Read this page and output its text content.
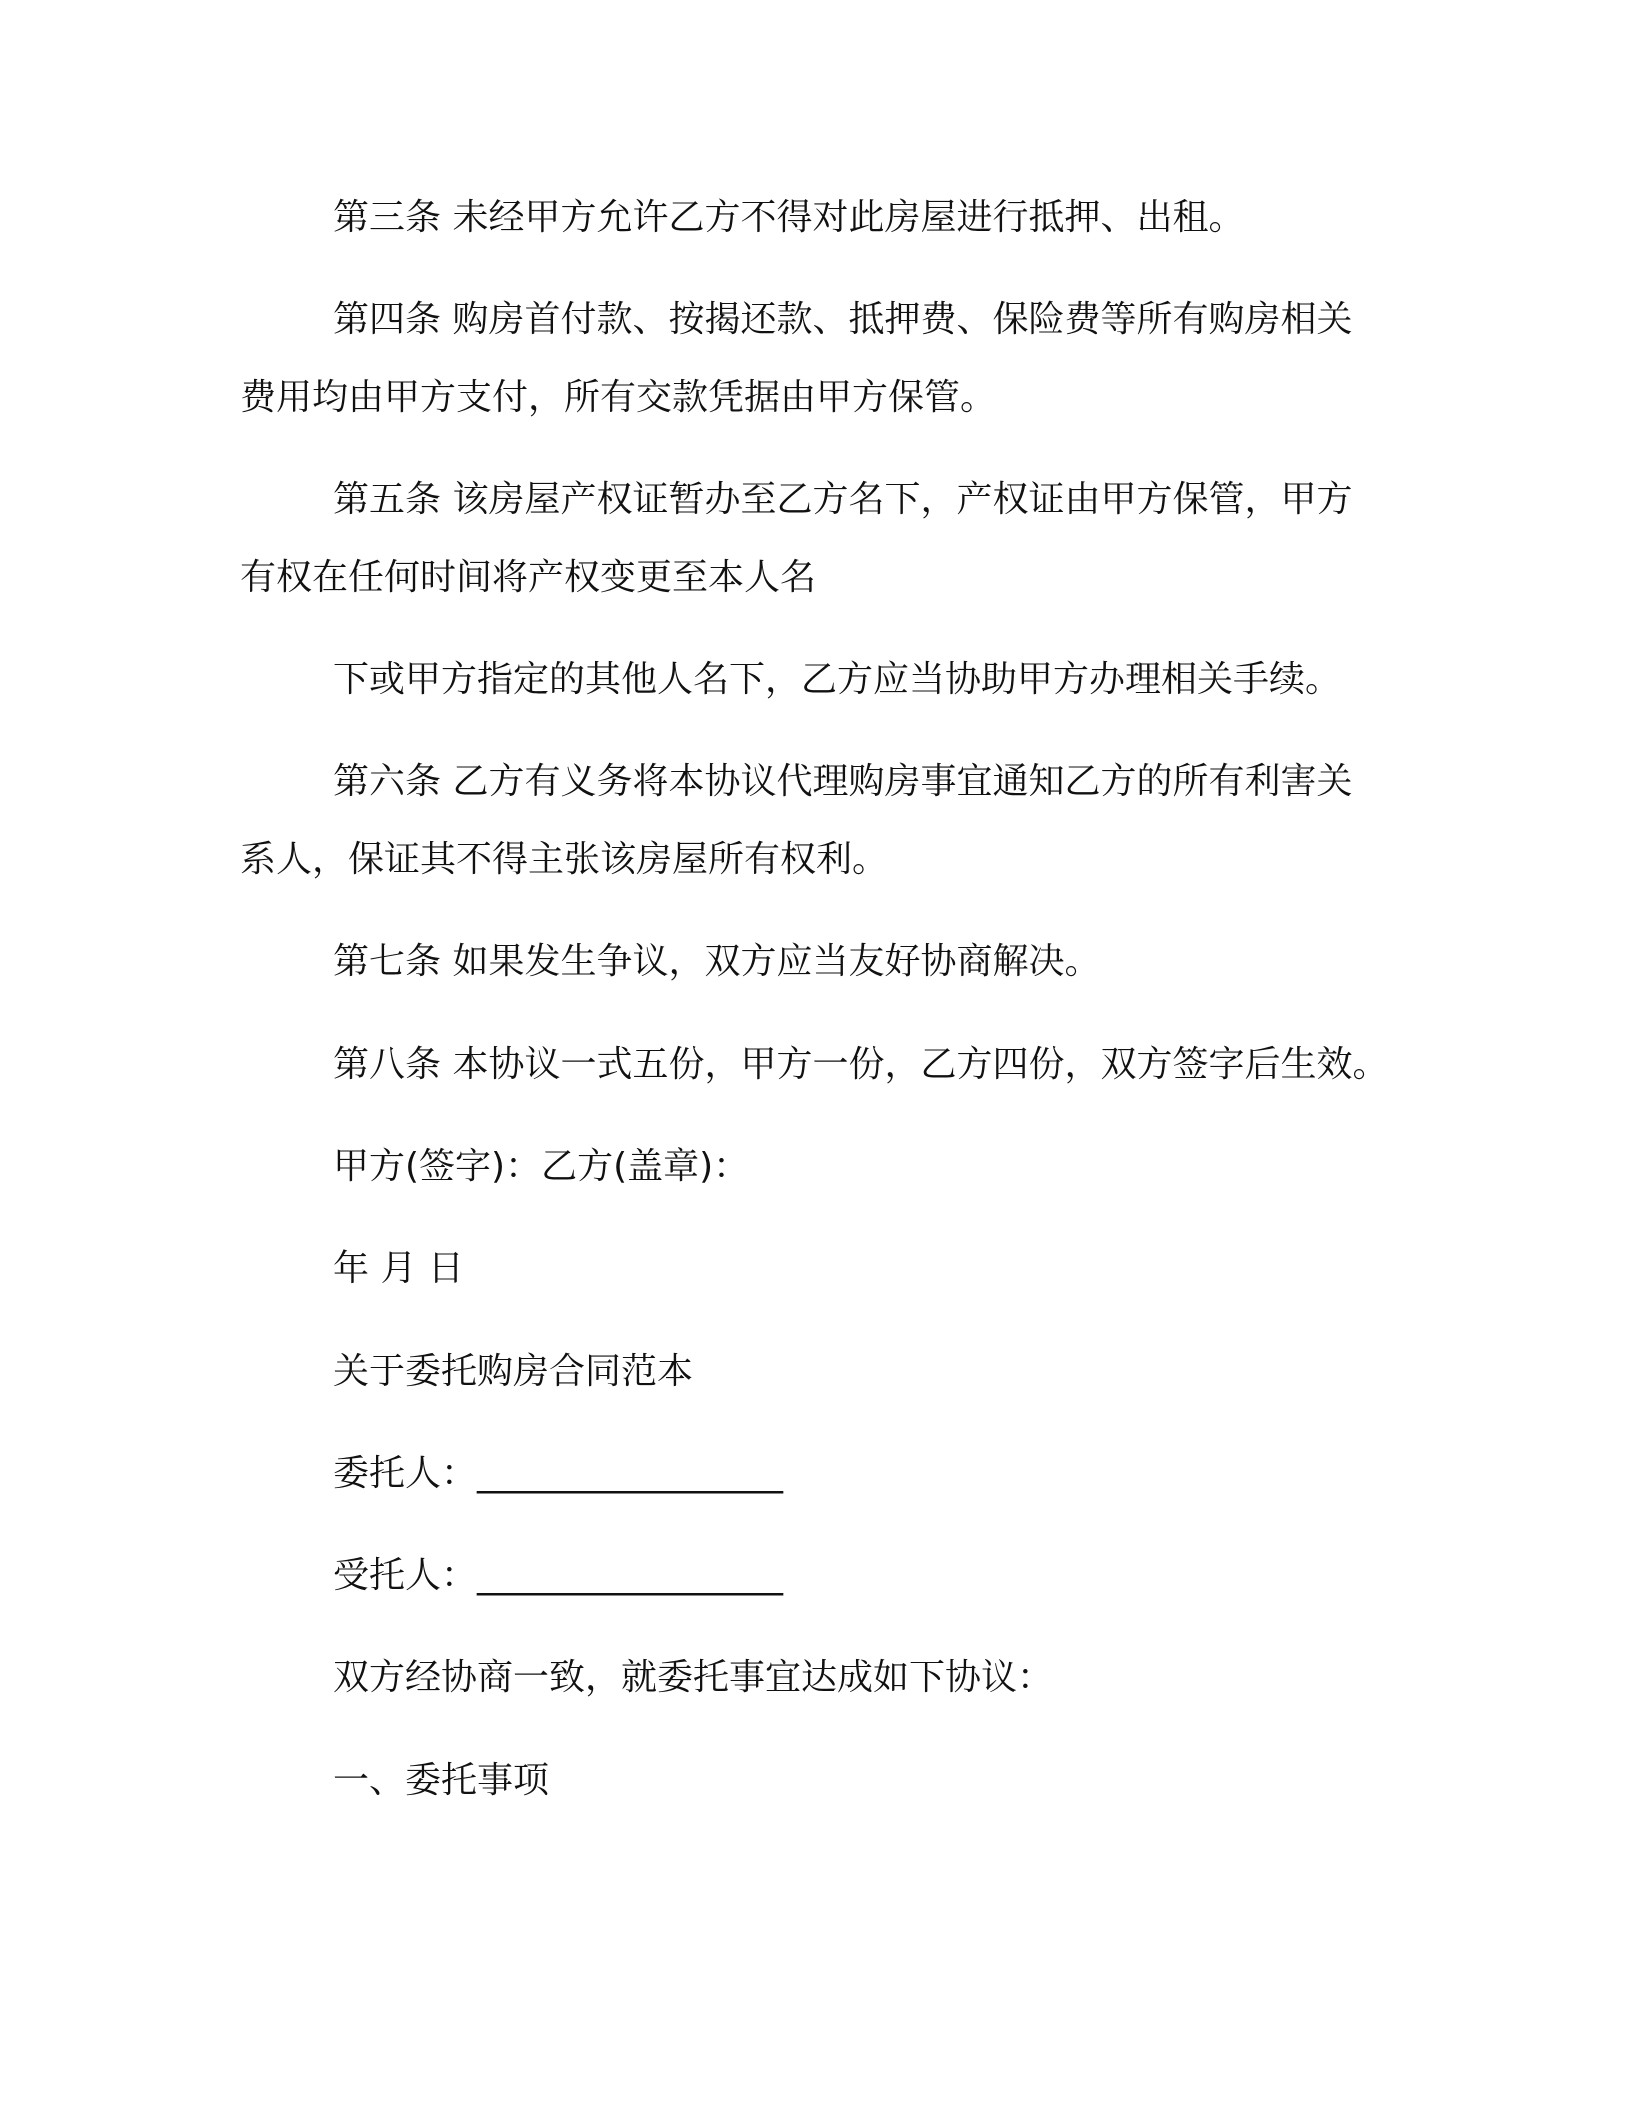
第三条 未经甲方允许乙方不得对此房屋进行抵押、出租。
第四条 购房首付款、按揭还款、抵押费、保险费等所有购房相关
费用均由甲方支付，所有交款凭据由甲方保管。
第五条 该房屋产权证暂办至乙方名下，产权证由甲方保管，甲方
有权在任何时间将产权变更至本人名
下或甲方指定的其他人名下，乙方应当协助甲方办理相关手续。
第六条 乙方有义务将本协议代理购房事宜通知乙方的所有利害关
系人，保证其不得主张该房屋所有权利。
第七条 如果发生争议，双方应当友好协商解决。
第八条 本协议一式五份，甲方一份，乙方四份，双方签字后生效。
甲方(签字)：乙方(盖章)：
年 月 日
关于委托购房合同范本
委托人：_________________
受托人：_________________
双方经协商一致，就委托事宜达成如下协议：
一、委托事项
